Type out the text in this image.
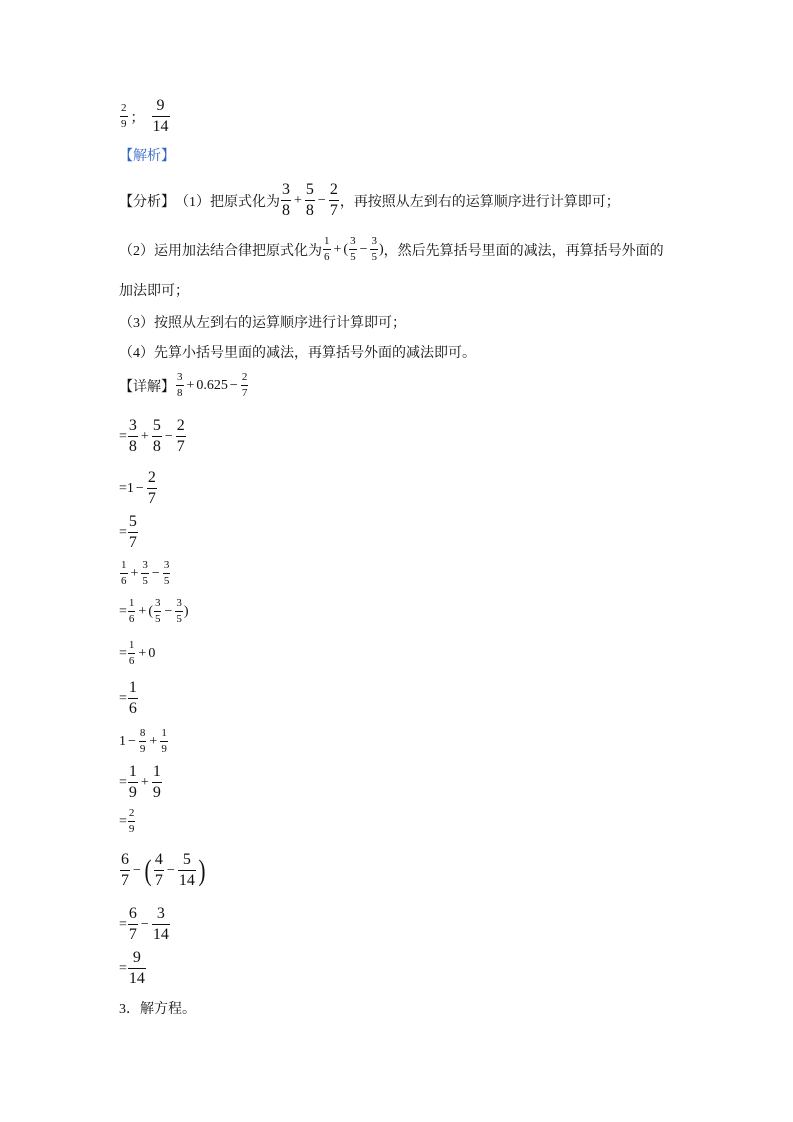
$\frac{2}{9}$ ； $\frac{9}{14}$
【解析】
【分析】 （1）把原式化为 $\frac{3}{8} + \frac{5}{8} - \frac{2}{7}$ ，再按照从左到右的运算顺序进行计算即可；
（2）运用加法结合律把原式化为 $\frac{1}{6}$ + ( $\frac{3}{5} - \frac{3}{5}$ ) ，然后先算括号里面的减法，再算括号外面的
加法即可；
（3）按照从左到右的运算顺序进行计算即可；
（4）先算小括号里面的减法，再算括号外面的减法即可。
【详解】 $\frac{3}{8} + 0.625 - \frac{2}{7}$
= $\frac{3}{8} + \frac{5}{8} - \frac{2}{7}$
= $1 - \frac{2}{7}$
= $\frac{5}{7}$
$\frac{1}{6} + \frac{3}{5} - \frac{3}{5}$
= $\frac{1}{6}$ + ( $\frac{3}{5} - \frac{3}{5}$ )
= $\frac{1}{6} + 0$
= $\frac{1}{6}$
$1 - \frac{8}{9} + \frac{1}{9}$
= $\frac{1}{9} + \frac{1}{9}$
= $\frac{2}{9}$
$\frac{6}{7}$ − ( $\frac{4}{7} - \frac{5}{14}$ )
= $\frac{6}{7} - \frac{3}{14}$
= $\frac{9}{14}$
3．解方程。
